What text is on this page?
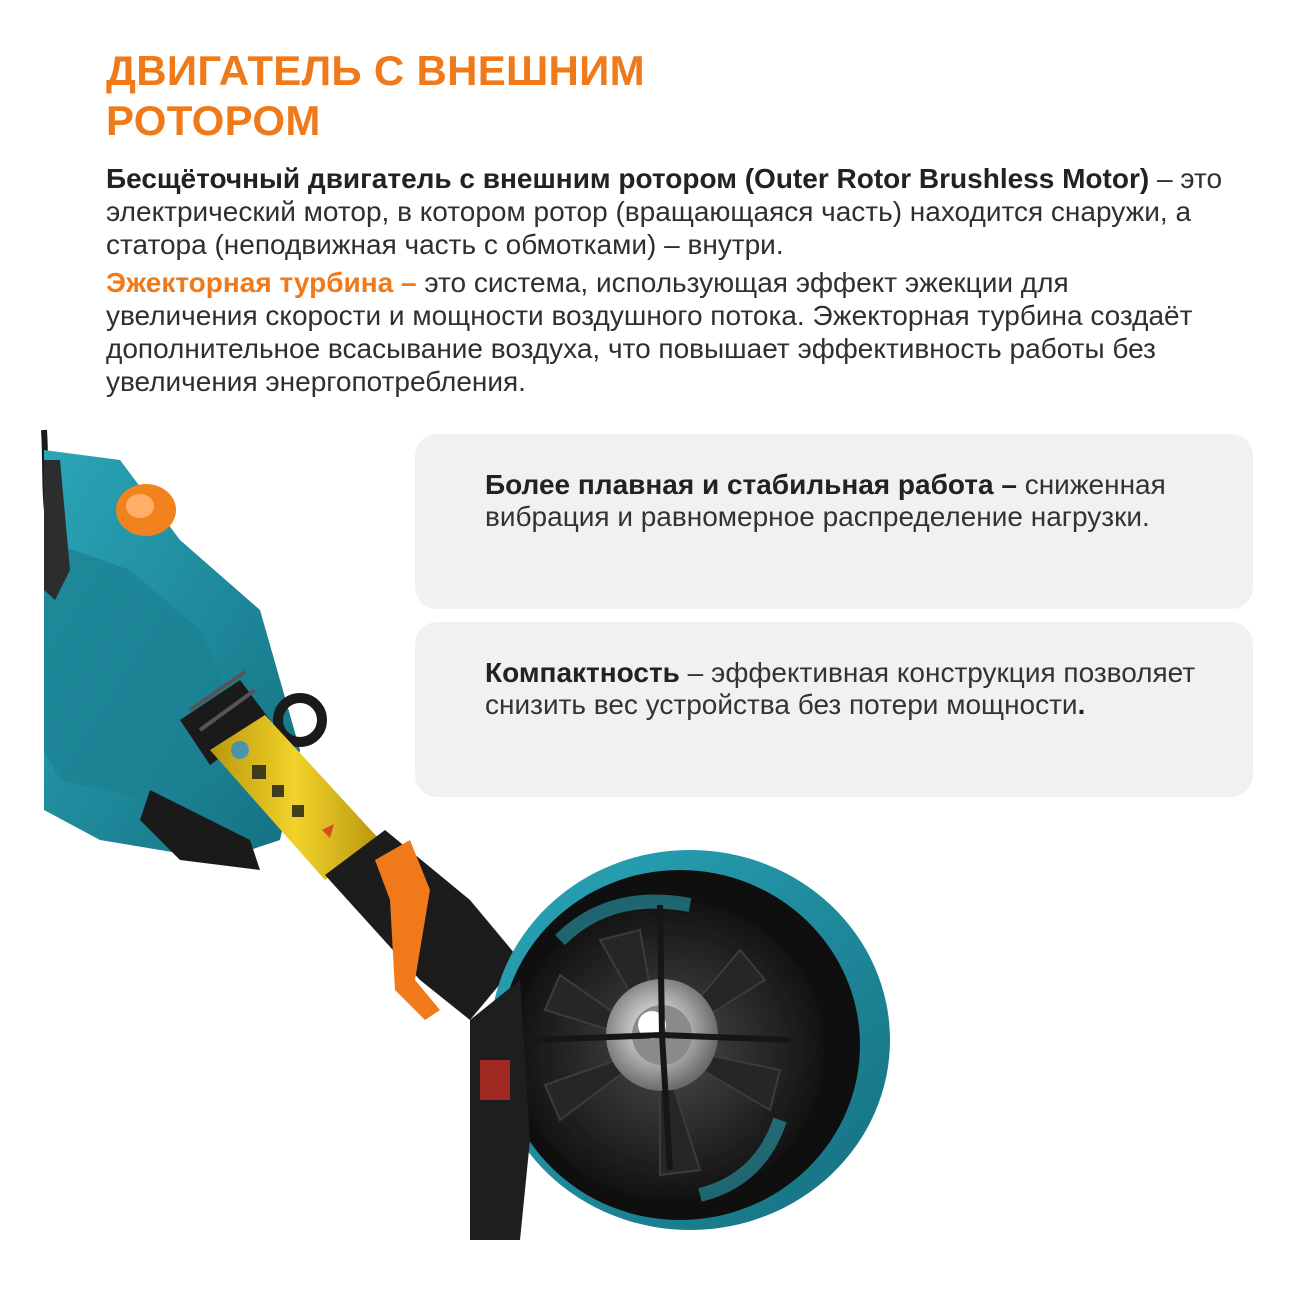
ДВИГАТЕЛЬ С ВНЕШНИМ
РОТОРОМ

Бесщёточный двигатель с внешним ротором (Outer Rotor Brushless Motor) – это электрический мотор, в котором ротор (вращающаяся часть) находится снаружи, а статора (неподвижная часть с обмотками) – внутри.

Эжекторная турбина – это система, использующая эффект эжекции для увеличения скорости и мощности воздушного потока. Эжекторная турбина создаёт дополнительное всасывание воздуха, что повышает эффективность работы без увеличения энергопотребления.

Более плавная и стабильная работа – сниженная вибрация и равномерное распределение нагрузки.

Компактность – эффективная конструкция позволяет снизить вес устройства без потери мощности.
